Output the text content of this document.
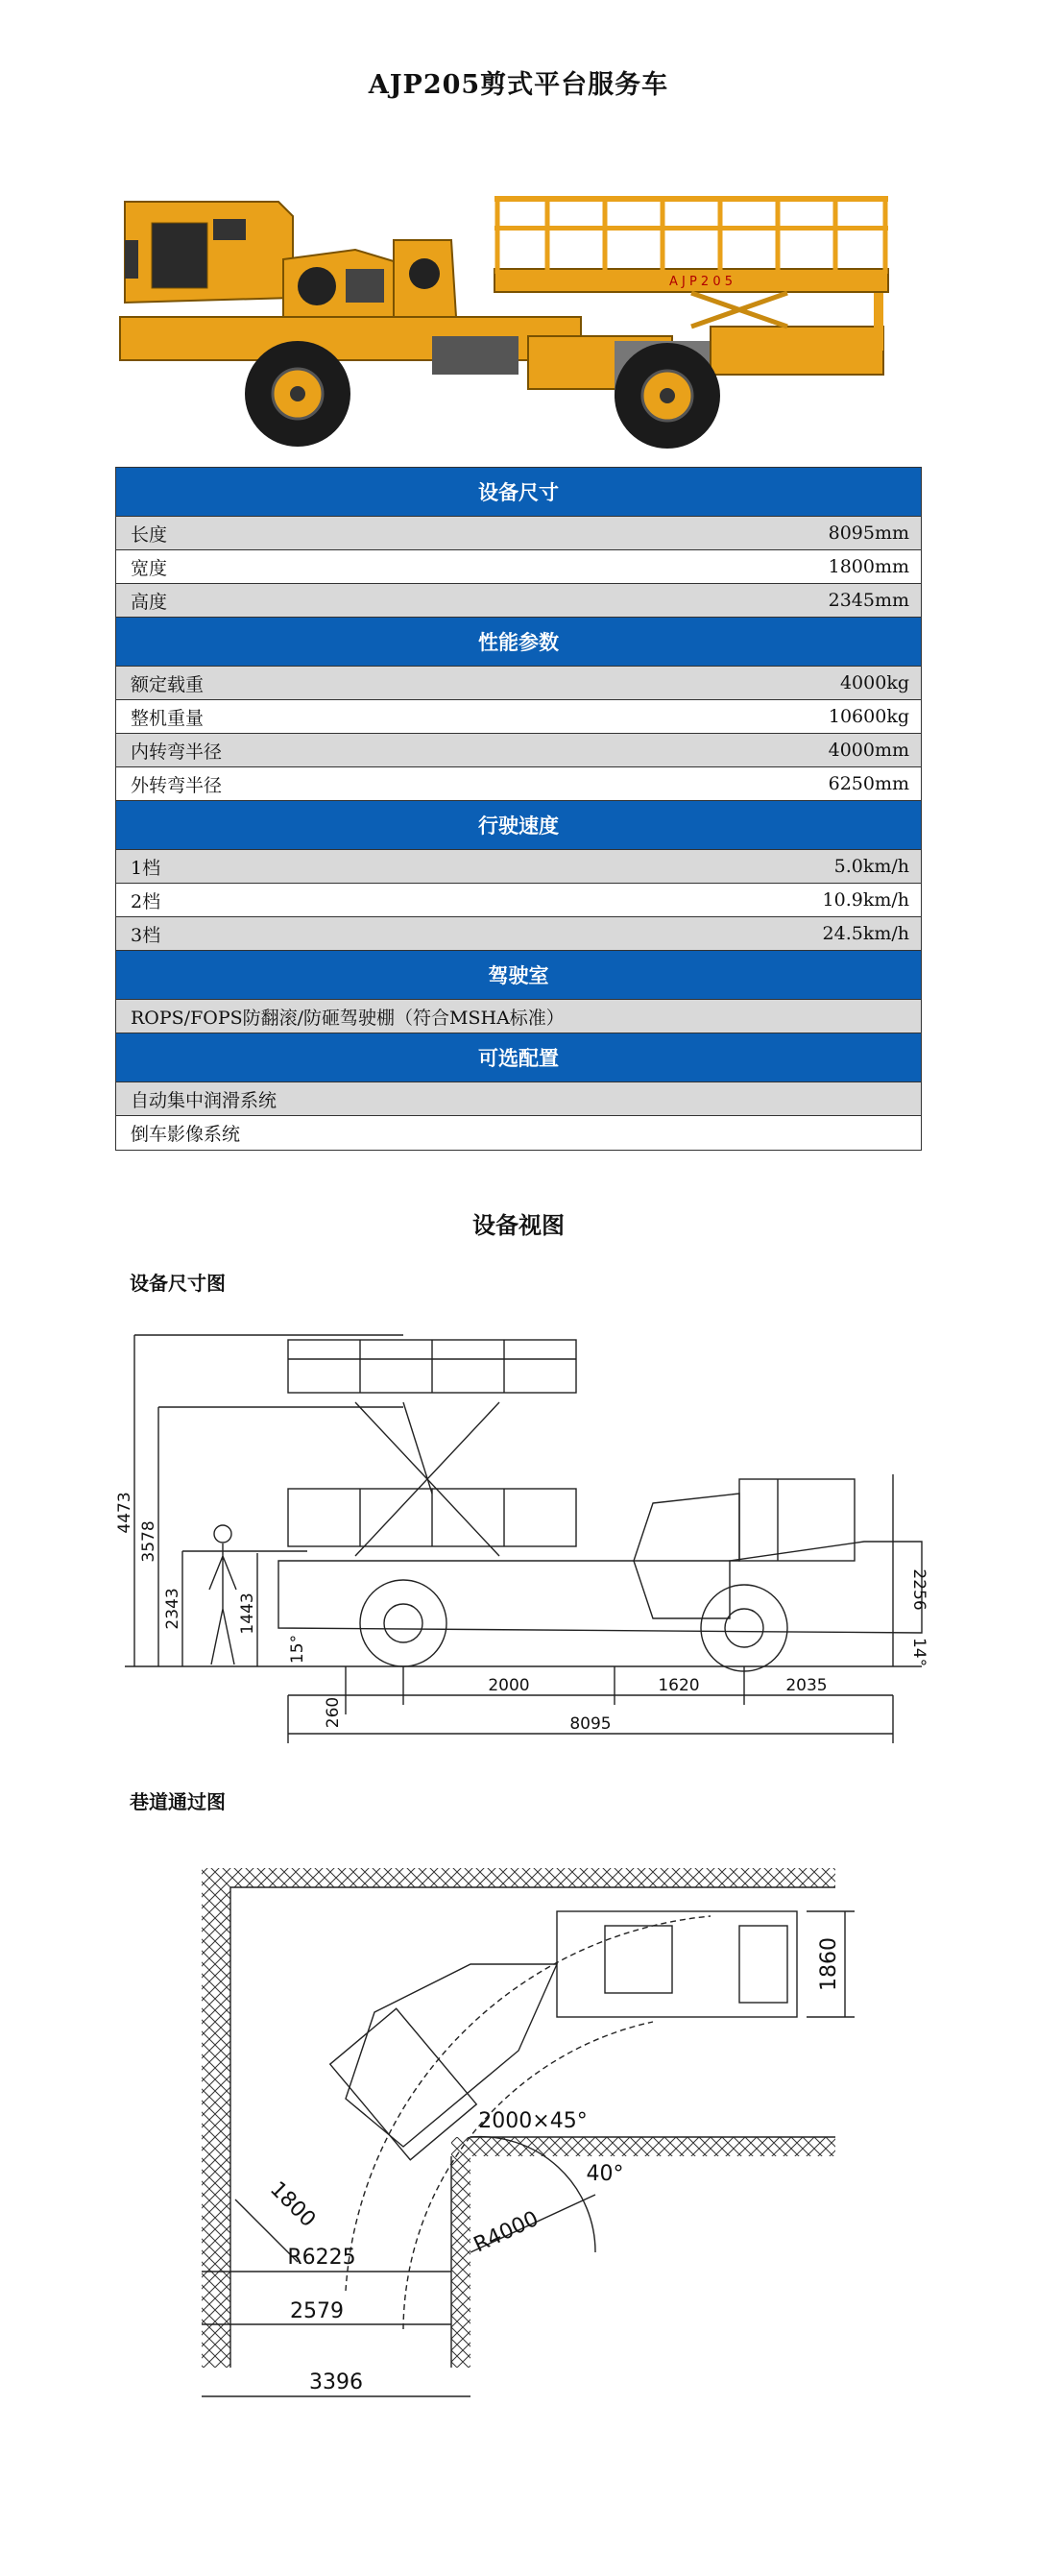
AJP205剪式平台服务车
A J P 2 0 5
设备尺寸
长度	8095mm
宽度	1800mm
高度	2345mm
性能参数
额定载重	4000kg
整机重量	10600kg
内转弯半径	4000mm
外转弯半径	6250mm
行驶速度
1档	5.0km/h
2档	10.9km/h
3档	24.5km/h
驾驶室
ROPS/FOPS防翻滚/防砸驾驶棚（符合MSHA标准）
可选配置
自动集中润滑系统
倒车影像系统
设备视图
设备尺寸图
4473
3578
2343	1443
15°
2256
14°
260
2000	1620	2035
8095
巷道通过图
1860
2000×45°
40°
R4000
1800
R6225
2579
3396
